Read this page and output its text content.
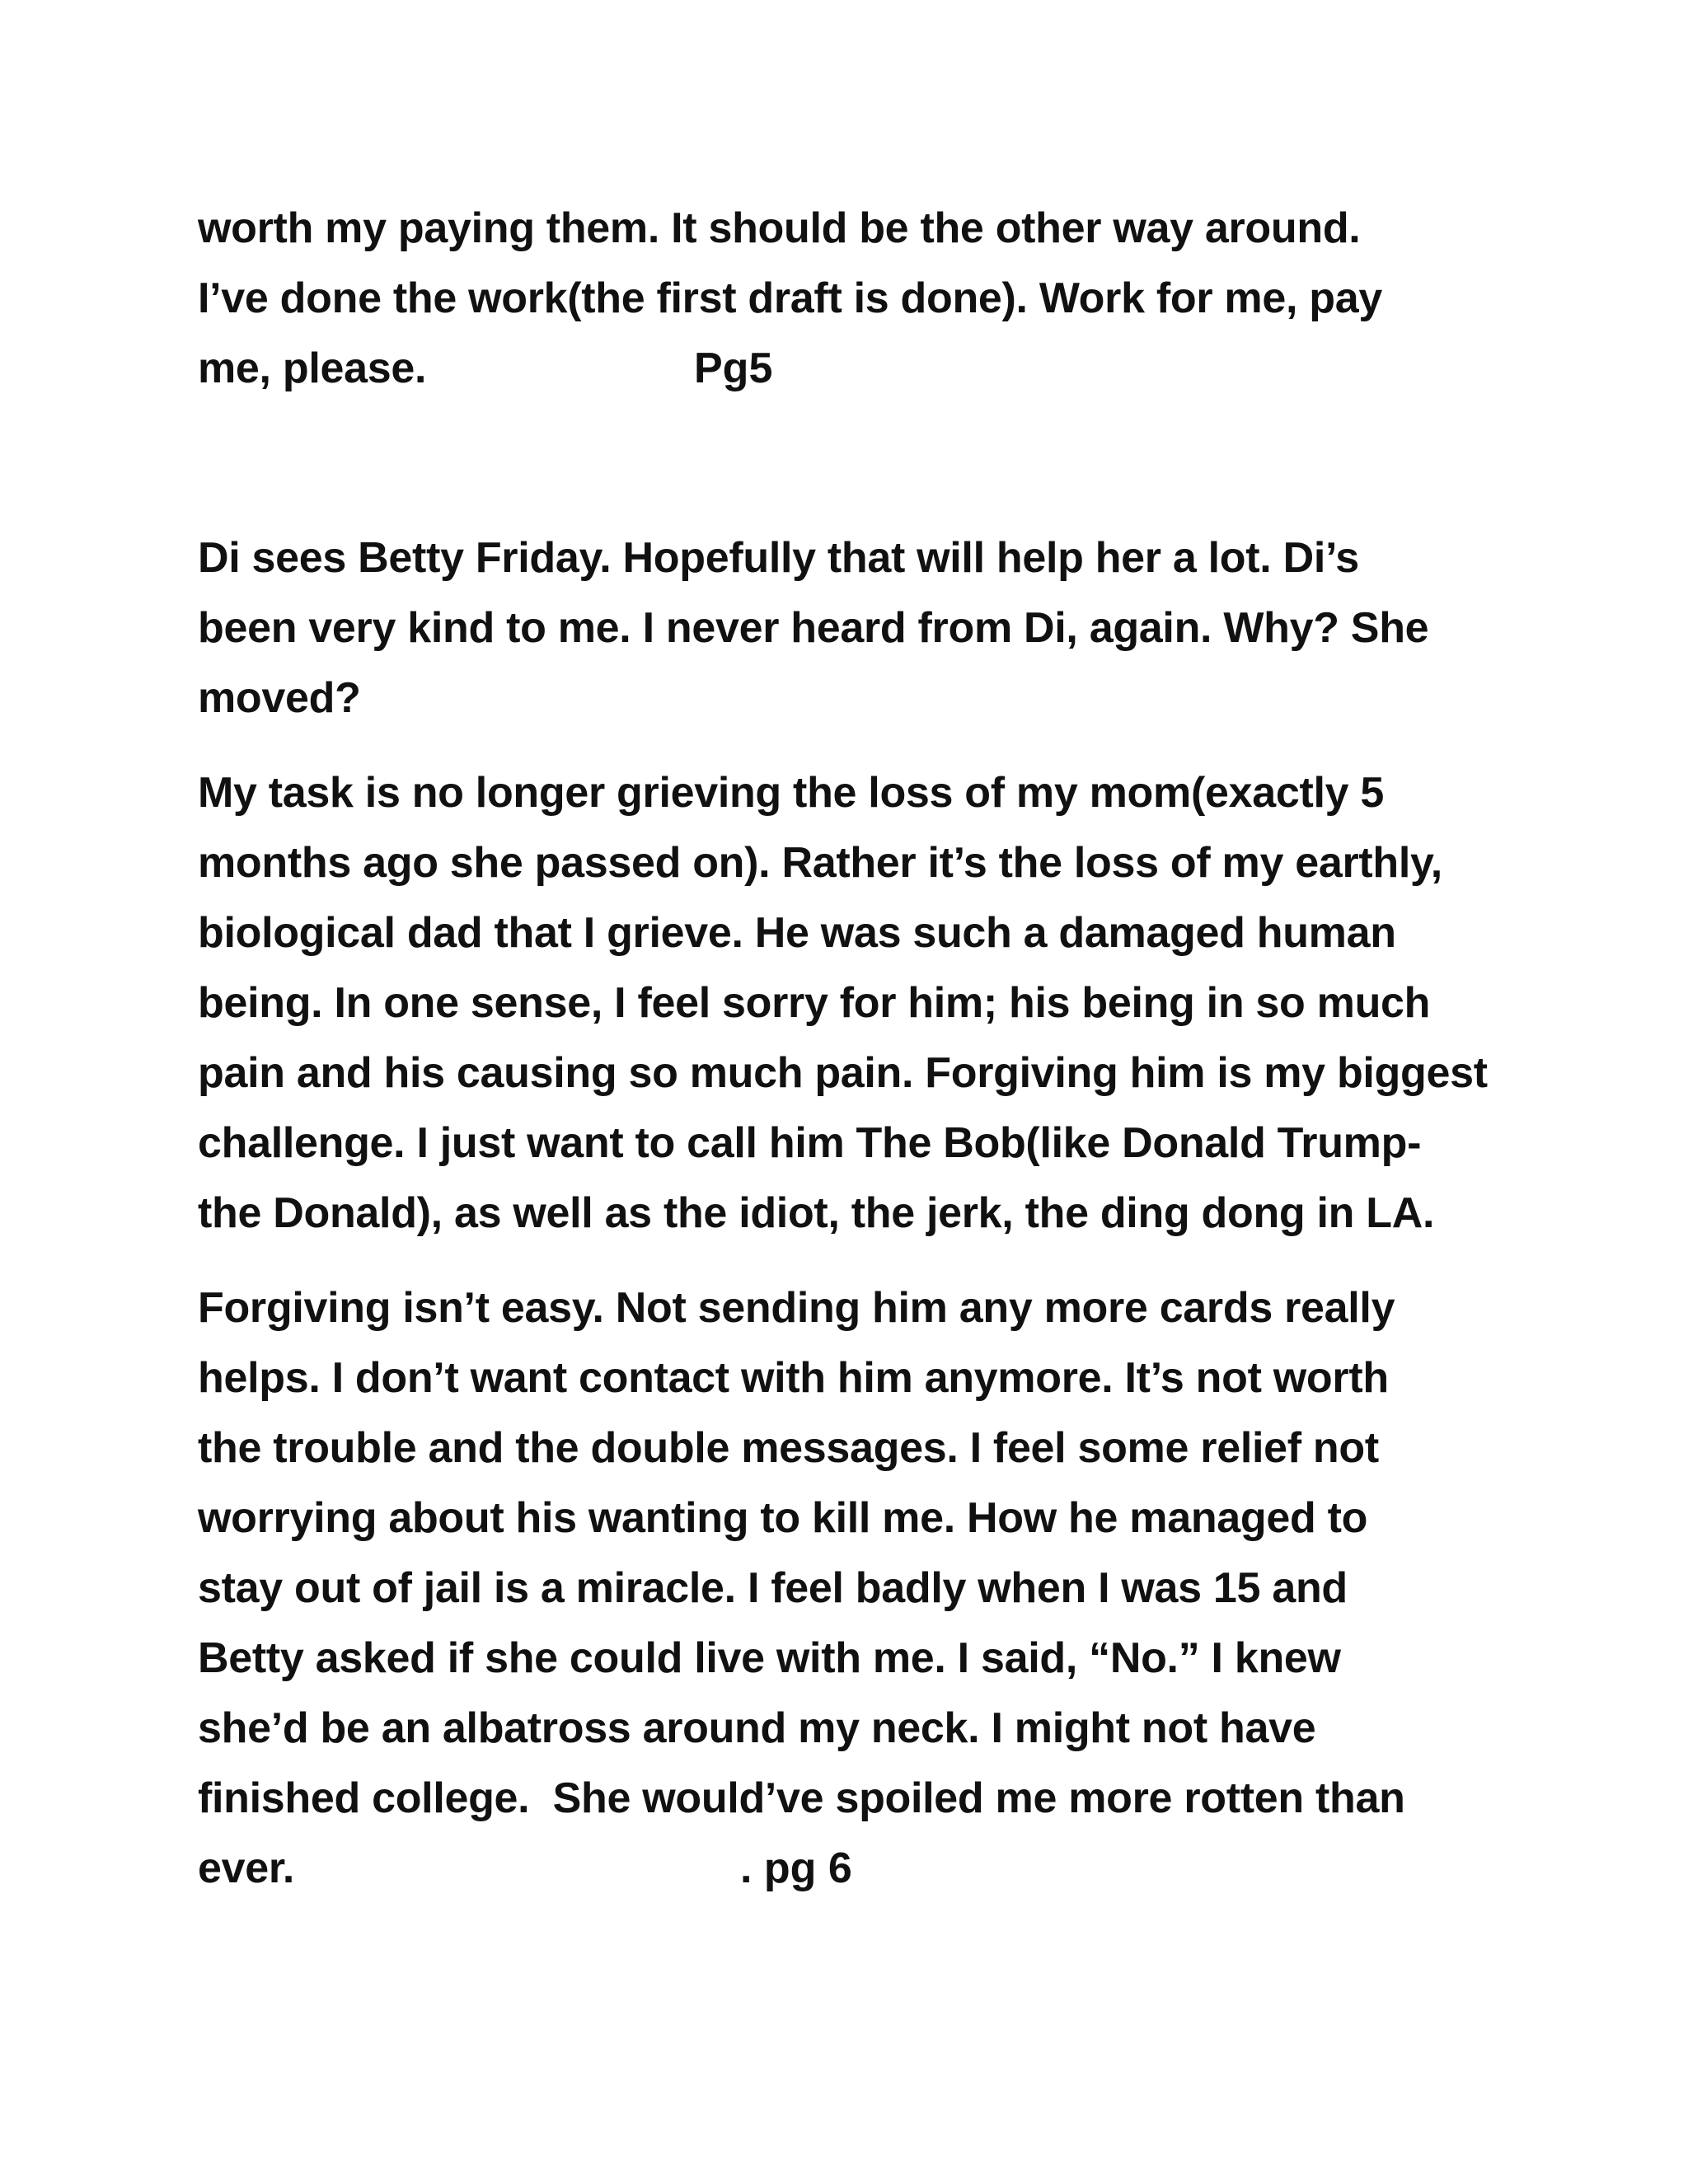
worth my paying them. It should be the other way around.
I’ve done the work(the first draft is done). Work for me, pay
me, please.	Pg5
Di sees Betty Friday. Hopefully that will help her a lot. Di’s
been very kind to me. I never heard from Di, again. Why? She
moved?
My task is no longer grieving the loss of my mom(exactly 5
months ago she passed on). Rather it’s the loss of my earthly,
biological dad that I grieve. He was such a damaged human
being. In one sense, I feel sorry for him; his being in so much
pain and his causing so much pain. Forgiving him is my biggest
challenge. I just want to call him The Bob(like Donald Trump-
the Donald), as well as the idiot, the jerk, the ding dong in LA.
Forgiving isn’t easy. Not sending him any more cards really
helps. I don’t want contact with him anymore. It’s not worth
the trouble and the double messages. I feel some relief not
worrying about his wanting to kill me. How he managed to
stay out of jail is a miracle. I feel badly when I was 15 and
Betty asked if she could live with me. I said, “No.” I knew
she’d be an albatross around my neck. I might not have
finished college.  She would’ve spoiled me more rotten than
ever.	. pg 6
